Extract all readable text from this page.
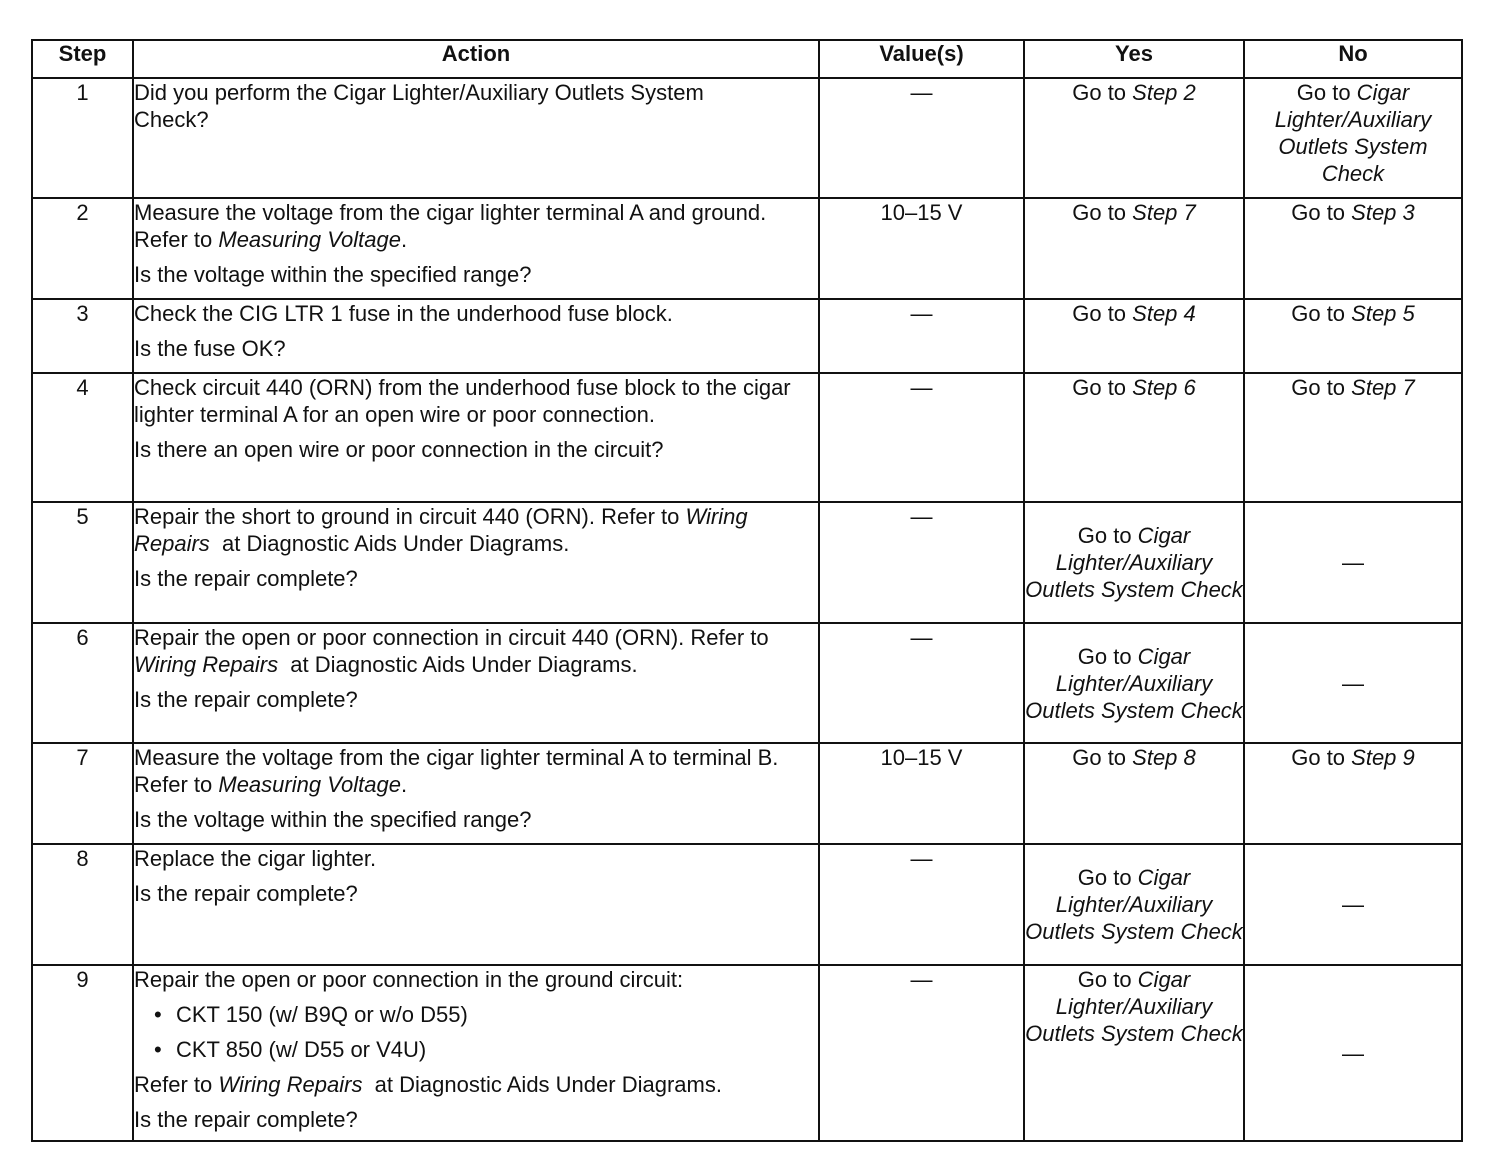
Step	Action	Value(s)	Yes	No
1	Did you perform the Cigar Lighter/Auxiliary Outlets System Check?	—	Go to Step 2	Go to Cigar Lighter/Auxiliary Outlets System Check
2	Measure the voltage from the cigar lighter terminal A and ground. Refer to Measuring Voltage.

Is the voltage within the specified range?	10–15 V	Go to Step 7	Go to Step 3
3	Check the CIG LTR 1 fuse in the underhood fuse block.

Is the fuse OK?	—	Go to Step 4	Go to Step 5
4	Check circuit 440 (ORN) from the underhood fuse block to the cigar lighter terminal A for an open wire or poor connection.

Is there an open wire or poor connection in the circuit?	—	Go to Step 6	Go to Step 7
5	Repair the short to ground in circuit 440 (ORN). Refer to Wiring Repairs  at Diagnostic Aids Under Diagrams.

Is the repair complete?	—	Go to Cigar Lighter/Auxiliary Outlets System Check	—
6	Repair the open or poor connection in circuit 440 (ORN). Refer to Wiring Repairs  at Diagnostic Aids Under Diagrams.

Is the repair complete?	—	Go to Cigar Lighter/Auxiliary Outlets System Check	—
7	Measure the voltage from the cigar lighter terminal A to terminal B. Refer to Measuring Voltage.

Is the voltage within the specified range?	10–15 V	Go to Step 8	Go to Step 9
8	Replace the cigar lighter.

Is the repair complete?	—	Go to Cigar Lighter/Auxiliary Outlets System Check	—
9	Repair the open or poor connection in the ground circuit:

• CKT 150 (w/ B9Q or w/o D55)

• CKT 850 (w/ D55 or V4U)

Refer to Wiring Repairs  at Diagnostic Aids Under Diagrams.

Is the repair complete?	—	Go to Cigar Lighter/Auxiliary Outlets System Check	—
